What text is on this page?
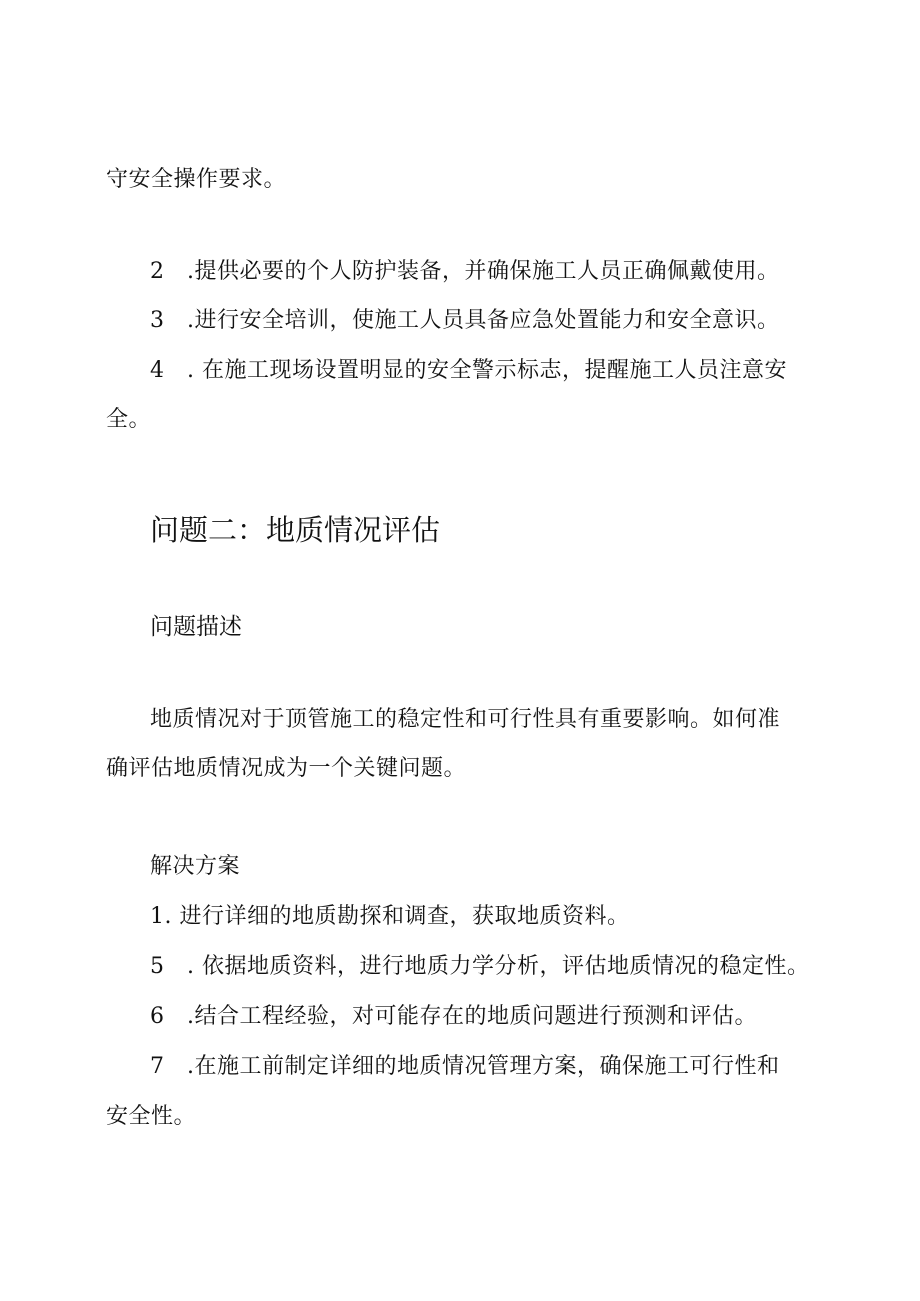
守安全操作要求。
2 .提供必要的个人防护装备，并确保施工人员正确佩戴使用。
3 .进行安全培训，使施工人员具备应急处置能力和安全意识。
4 . 在施工现场设置明显的安全警示标志，提醒施工人员注意安
全。
问题二：地质情况评估
问题描述
地质情况对于顶管施工的稳定性和可行性具有重要影响。如何准
确评估地质情况成为一个关键问题。
解决方案
1. 进行详细的地质勘探和调查，获取地质资料。
5 . 依据地质资料，进行地质力学分析，评估地质情况的稳定性。
6 .结合工程经验，对可能存在的地质问题进行预测和评估。
7 .在施工前制定详细的地质情况管理方案，确保施工可行性和
安全性。
